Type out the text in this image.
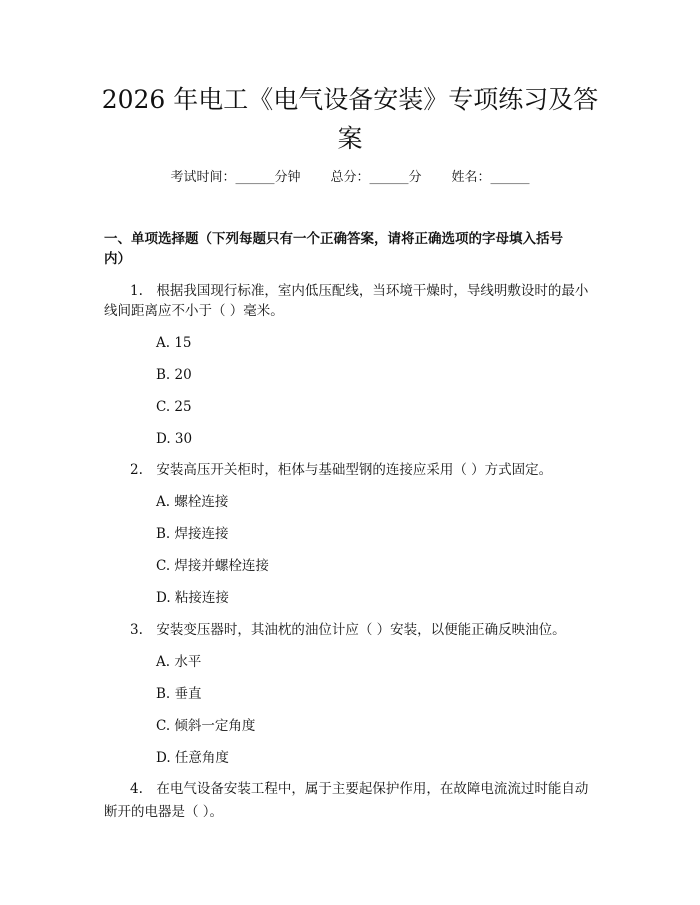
2026 年电工《电气设备安装》专项练习及答
案
考试时间：______分钟 总分：______分 姓名：______
一、单项选择题（下列每题只有一个正确答案，请将正确选项的字母填入括号
内）
1.　根据我国现行标准，室内低压配线，当环境干燥时，导线明敷设时的最小
线间距离应不小于（ ）毫米。
A. 15
B. 20
C. 25
D. 30
2.　安装高压开关柜时，柜体与基础型钢的连接应采用（ ）方式固定。
A. 螺栓连接
B. 焊接连接
C. 焊接并螺栓连接
D. 粘接连接
3.　安装变压器时，其油枕的油位计应（ ）安装，以便能正确反映油位。
A. 水平
B. 垂直
C. 倾斜一定角度
D. 任意角度
4.　在电气设备安装工程中，属于主要起保护作用，在故障电流流过时能自动
断开的电器是（ ）。
